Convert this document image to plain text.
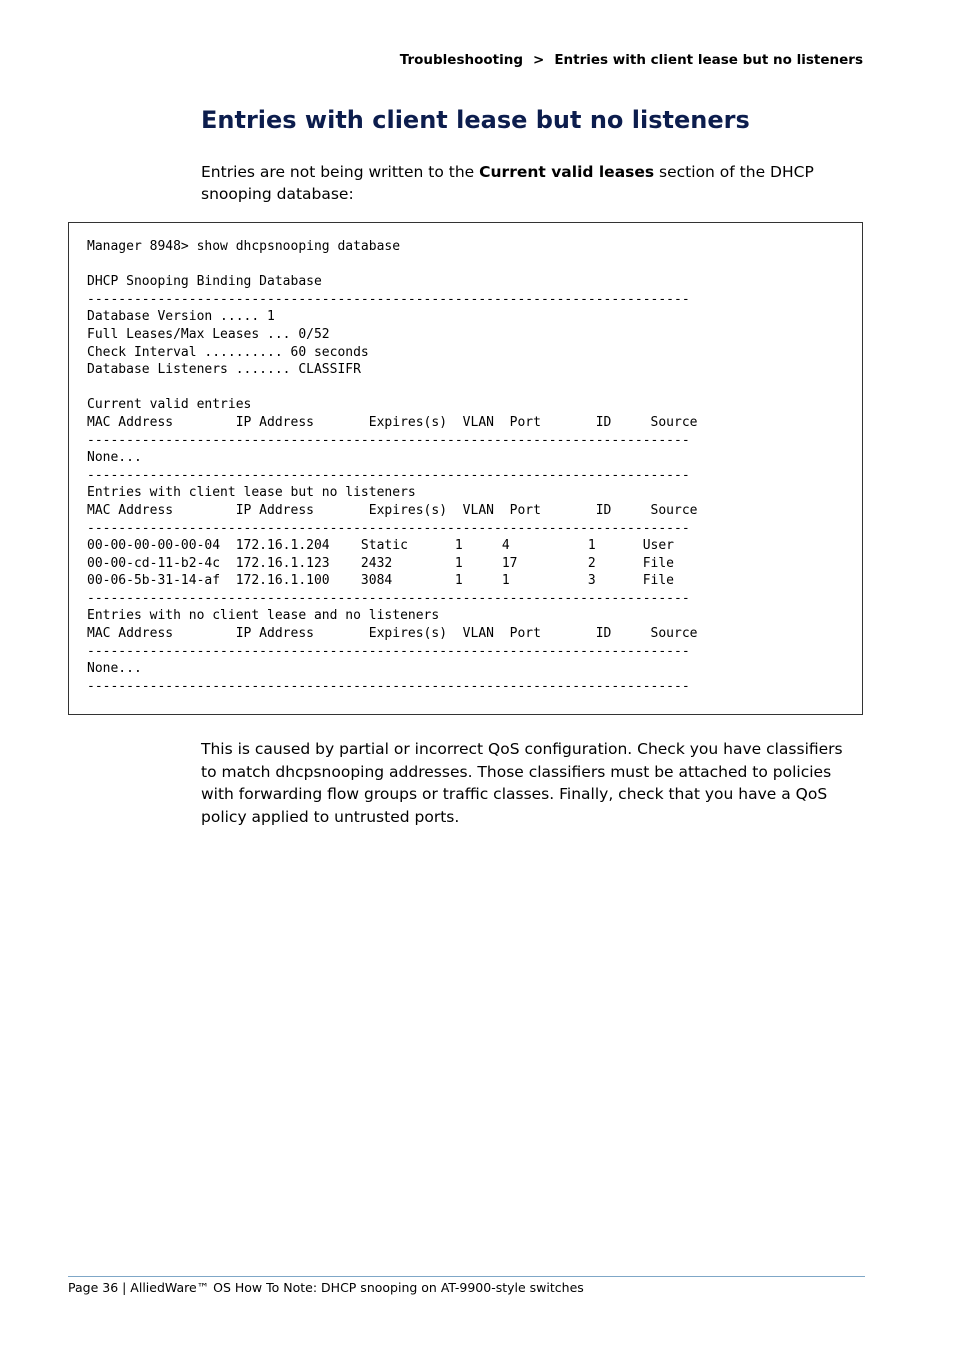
Troubleshooting > Entries with client lease but no listeners
Entries with client lease but no listeners

Entries are not being written to the Current valid leases section of the DHCP snooping database:

Manager 8948> show dhcpsnooping database

DHCP Snooping Binding Database
-----------------------------------------------------------------------------
Database Version ..... 1
Full Leases/Max Leases ... 0/52
Check Interval .......... 60 seconds
Database Listeners ....... CLASSIFR

Current valid entries
MAC Address        IP Address       Expires(s)  VLAN  Port       ID     Source
-----------------------------------------------------------------------------
None...
-----------------------------------------------------------------------------
Entries with client lease but no listeners
MAC Address        IP Address       Expires(s)  VLAN  Port       ID     Source
-----------------------------------------------------------------------------
00-00-00-00-00-04  172.16.1.204    Static      1     4          1      User
00-00-cd-11-b2-4c  172.16.1.123    2432        1     17         2      File
00-06-5b-31-14-af  172.16.1.100    3084        1     1          3      File
-----------------------------------------------------------------------------
Entries with no client lease and no listeners
MAC Address        IP Address       Expires(s)  VLAN  Port       ID     Source
-----------------------------------------------------------------------------
None...
-----------------------------------------------------------------------------

This is caused by partial or incorrect QoS configuration. Check you have classifiers to match dhcpsnooping addresses. Those classifiers must be attached to policies with forwarding flow groups or traffic classes. Finally, check that you have a QoS policy applied to untrusted ports.

Page 36 | AlliedWare™ OS How To Note: DHCP snooping on AT-9900-style switches
